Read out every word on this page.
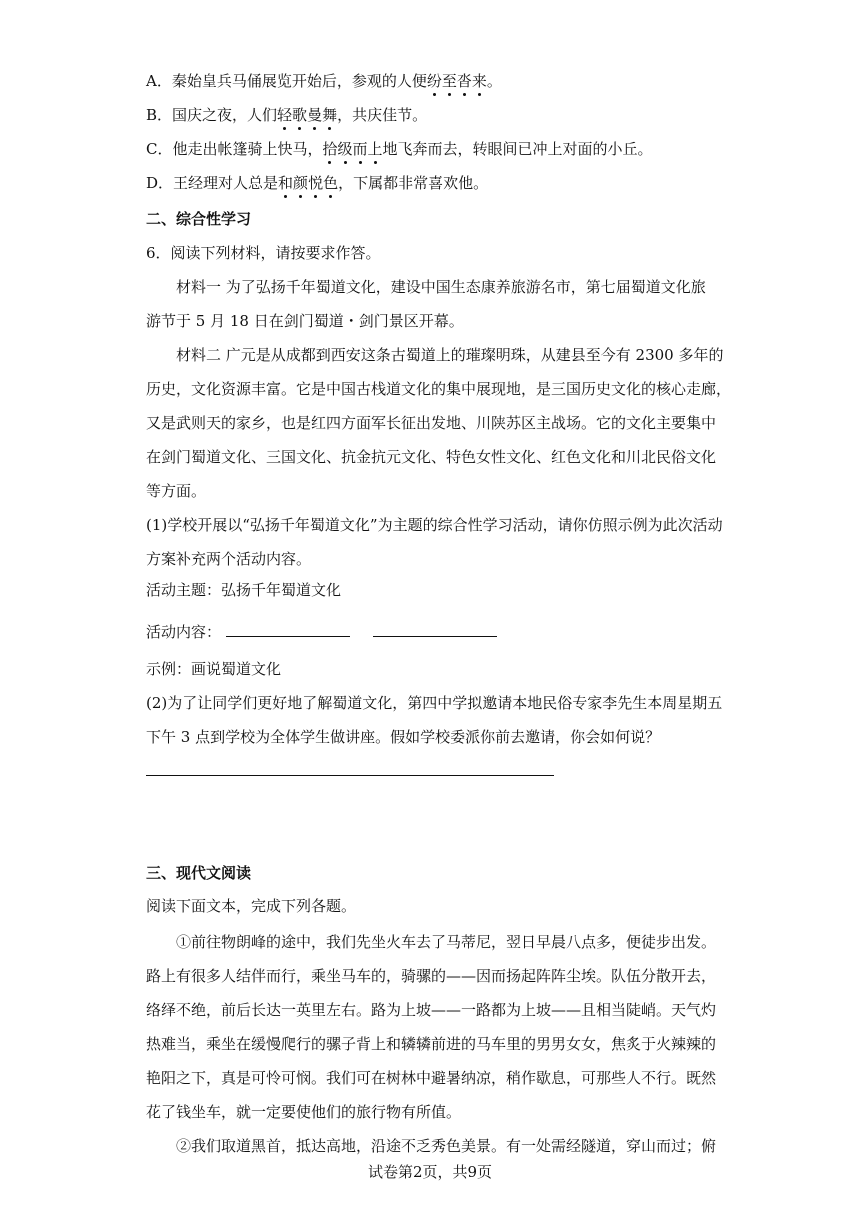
A．秦始皇兵马俑展览开始后，参观的人便纷至沓来。
B．国庆之夜，人们轻歌曼舞，共庆佳节。
C．他走出帐篷骑上快马，拾级而上地飞奔而去，转眼间已冲上对面的小丘。
D．王经理对人总是和颜悦色，下属都非常喜欢他。
二、综合性学习
6．阅读下列材料，请按要求作答。
材料一 为了弘扬千年蜀道文化，建设中国生态康养旅游名市，第七届蜀道文化旅
游节于 5 月 18 日在剑门蜀道・剑门景区开幕。
材料二 广元是从成都到西安这条古蜀道上的璀璨明珠，从建县至今有 2300 多年的
历史，文化资源丰富。它是中国古栈道文化的集中展现地，是三国历史文化的核心走廊，
又是武则天的家乡，也是红四方面军长征出发地、川陕苏区主战场。它的文化主要集中
在剑门蜀道文化、三国文化、抗金抗元文化、特色女性文化、红色文化和川北民俗文化
等方面。
(1)学校开展以“弘扬千年蜀道文化”为主题的综合性学习活动，请你仿照示例为此次活动
方案补充两个活动内容。
活动主题：弘扬千年蜀道文化
活动内容：
示例：画说蜀道文化
(2)为了让同学们更好地了解蜀道文化，第四中学拟邀请本地民俗专家李先生本周星期五
下午 3 点到学校为全体学生做讲座。假如学校委派你前去邀请，你会如何说？
三、现代文阅读
阅读下面文本，完成下列各题。
①前往物朗峰的途中，我们先坐火车去了马蒂尼，翌日早晨八点多，便徒步出发。
路上有很多人结伴而行，乘坐马车的，骑骡的——因而扬起阵阵尘埃。队伍分散开去，
络绎不绝，前后长达一英里左右。路为上坡——一路都为上坡——且相当陡峭。天气灼
热难当，乘坐在缓慢爬行的骡子背上和辚辚前进的马车里的男男女女，焦炙于火辣辣的
艳阳之下，真是可怜可悯。我们可在树林中避暑纳凉，稍作歇息，可那些人不行。既然
花了钱坐车，就一定要使他们的旅行物有所值。
②我们取道黑首，抵达高地，沿途不乏秀色美景。有一处需经隧道，穿山而过；俯
试卷第2页，共9页
